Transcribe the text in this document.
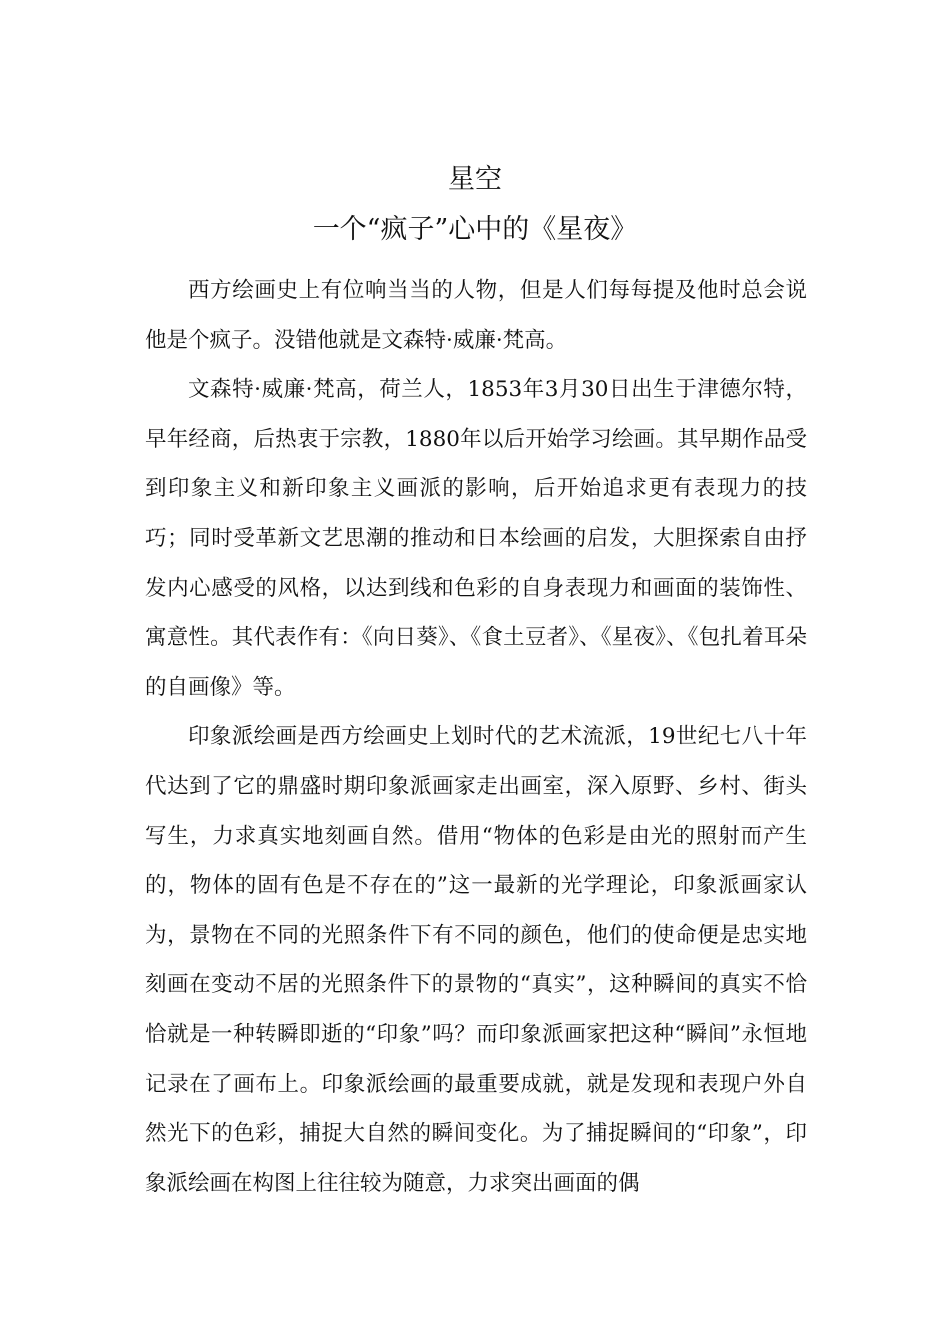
星空
一个“疯子”心中的《星夜》

西方绘画史上有位响当当的人物，但是人们每每提及他时总会说他是个疯子。没错他就是文森特·威廉·梵高。

文森特·威廉·梵高，荷兰人，1853年3月30日出生于津德尔特，早年经商，后热衷于宗教，1880年以后开始学习绘画。其早期作品受到印象主义和新印象主义画派的影响，后开始追求更有表现力的技巧；同时受革新文艺思潮的推动和日本绘画的启发，大胆探索自由抒发内心感受的风格，以达到线和色彩的自身表现力和画面的装饰性、寓意性。其代表作有：《向日葵》、《食土豆者》、《星夜》、《包扎着耳朵的自画像》等。

印象派绘画是西方绘画史上划时代的艺术流派，19世纪七八十年代达到了它的鼎盛时期印象派画家走出画室，深入原野、乡村、街头写生，力求真实地刻画自然。借用“物体的色彩是由光的照射而产生的，物体的固有色是不存在的”这一最新的光学理论，印象派画家认为，景物在不同的光照条件下有不同的颜色，他们的使命便是忠实地刻画在变动不居的光照条件下的景物的“真实”，这种瞬间的真实不恰恰就是一种转瞬即逝的“印象”吗？而印象派画家把这种“瞬间”永恒地记录在了画布上。印象派绘画的最重要成就，就是发现和表现户外自然光下的色彩，捕捉大自然的瞬间变化。为了捕捉瞬间的“印象”，印象派绘画在构图上往往较为随意，力求突出画面的偶
